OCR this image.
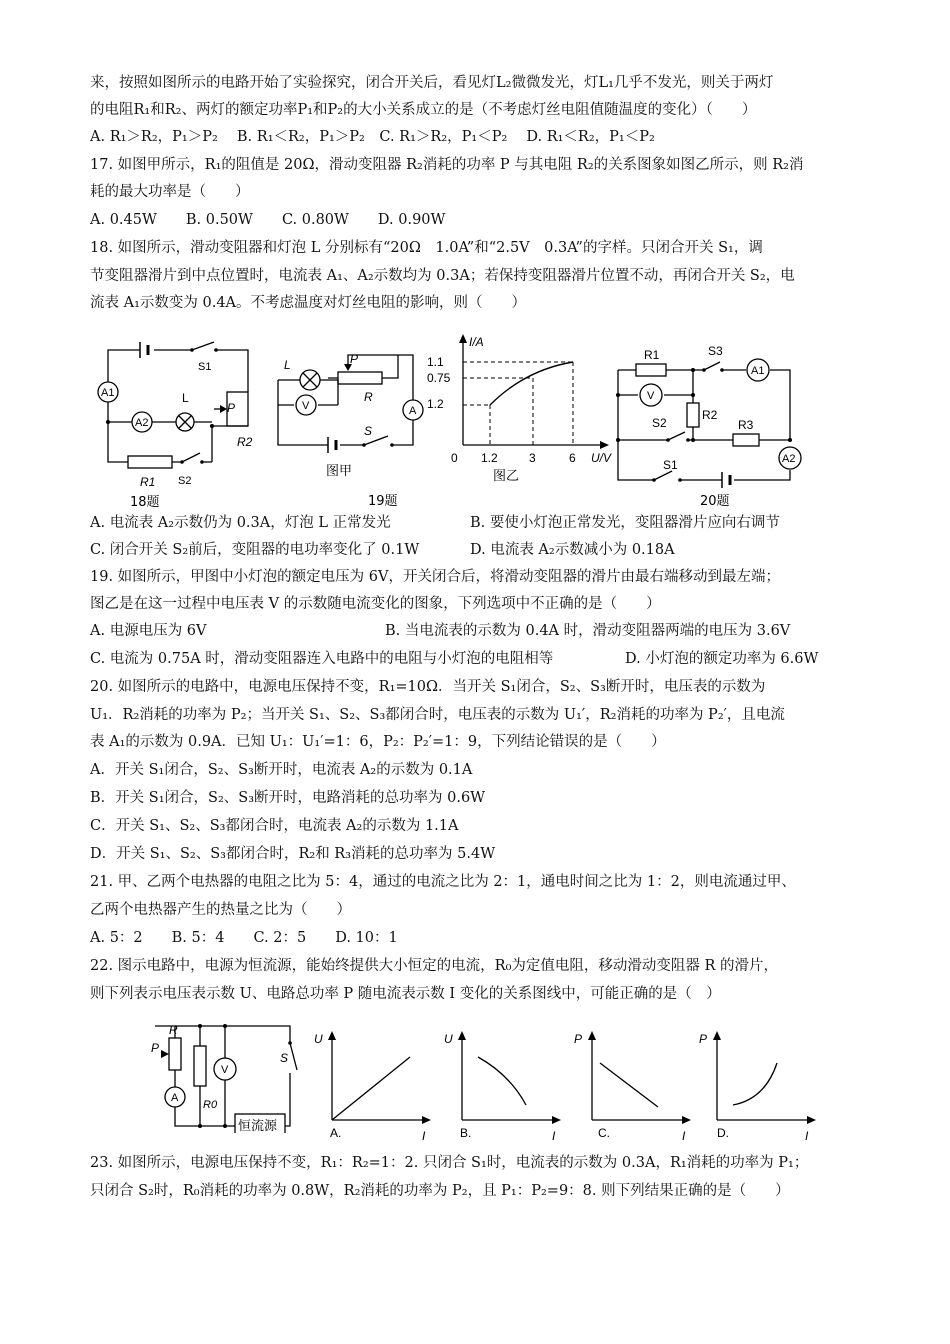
来，按照如图所示的电路开始了实验探究，闭合开关后，看见灯L₂微微发光，灯L₁几乎不发光，则关于两灯
的电阻R₁和R₂、两灯的额定功率P₁和P₂的大小关系成立的是（不考虑灯丝电阻值随温度的变化）（　　）
A. R₁＞R₂，P₁＞P₂　 B. R₁＜R₂，P₁＞P₂　C. R₁＞R₂，P₁＜P₂　 D. R₁＜R₂，P₁＜P₂
17. 如图甲所示，R₁的阻值是 20Ω，滑动变阻器 R₂消耗的功率 P 与其电阻 R₂的关系图象如图乙所示，则 R₂消
耗的最大功率是（　　）
A. 0.45W　　B. 0.50W　　C. 0.80W　　D. 0.90W
18. 如图所示，滑动变阻器和灯泡 L 分别标有“20Ω　1.0A”和“2.5V　0.3A”的字样。只闭合开关 S₁，调
节变阻器滑片到中点位置时，电流表 A₁、A₂示数均为 0.3A；若保持变阻器滑片位置不动，再闭合开关 S₂，电
流表 A₁示数变为 0.4A。不考虑温度对灯丝电阻的影响，则（　　）
A. 电流表 A₂示数仍为 0.3A，灯泡 L 正常发光	B. 要使小灯泡正常发光，变阻器滑片应向右调节
C. 闭合开关 S₂前后，变阻器的电功率变化了 0.1W	D. 电流表 A₂示数减小为 0.18A
19. 如图所示，甲图中小灯泡的额定电压为 6V，开关闭合后，将滑动变阻器的滑片由最右端移动到最左端；
图乙是在这一过程中电压表 V 的示数随电流变化的图象，下列选项中不正确的是（　　）
A. 电源电压为 6V	B. 当电流表的示数为 0.4A 时，滑动变阻器两端的电压为 3.6V
C. 电流为 0.75A 时，滑动变阻器连入电路中的电阻与小灯泡的电阻相等	D. 小灯泡的额定功率为 6.6W
20. 如图所示的电路中，电源电压保持不变，R₁=10Ω．当开关 S₁闭合，S₂、S₃断开时，电压表的示数为
U₁．R₂消耗的功率为 P₂；当开关 S₁、S₂、S₃都闭合时，电压表的示数为 U₁′，R₂消耗的功率为 P₂′，且电流
表 A₁的示数为 0.9A．已知 U₁：U₁′=1：6，P₂：P₂′=1：9，下列结论错误的是（　　）
A．开关 S₁闭合，S₂、S₃断开时，电流表 A₂的示数为 0.1A
B．开关 S₁闭合，S₂、S₃断开时，电路消耗的总功率为 0.6W
C．开关 S₁、S₂、S₃都闭合时，电流表 A₂的示数为 1.1A
D．开关 S₁、S₂、S₃都闭合时，R₂和 R₃消耗的总功率为 5.4W
21. 甲、乙两个电热器的电阻之比为 5：4，通过的电流之比为 2：1，通电时间之比为 1：2，则电流通过甲、
乙两个电热器产生的热量之比为（　　）
A. 5：2　　B. 5：4　　C. 2：5　　D. 10：1
22. 图示电路中，电源为恒流源，能始终提供大小恒定的电流，R₀为定值电阻，移动滑动变阻器 R 的滑片，
则下列表示电压表示数 U、电路总功率 P 随电流表示数 I 变化的关系图线中，可能正确的是（　）
23. 如图所示，电源电压保持不变，R₁：R₂=1：2. 只闭合 S₁时，电流表的示数为 0.3A，R₁消耗的功率为 P₁；
只闭合 S₂时，R₀消耗的功率为 0.8W，R₂消耗的功率为 P₂，且 P₁：P₂=9：8. 则下列结果正确的是（　　）
A1
A2
L
P
R2
R1
S1
S2
18题
L	P
R
V	A
S
图甲
19题
I/A
U/V
1.1
0.75
1.2
0 1.2	3	6
图乙
R1	S3
A1
V
R2
S2	R3
S1	A2
20题
R
P
A
R0
V
S
恒流源
U
I
A.
U
I
B.
P
I
C.
P
I
D.
